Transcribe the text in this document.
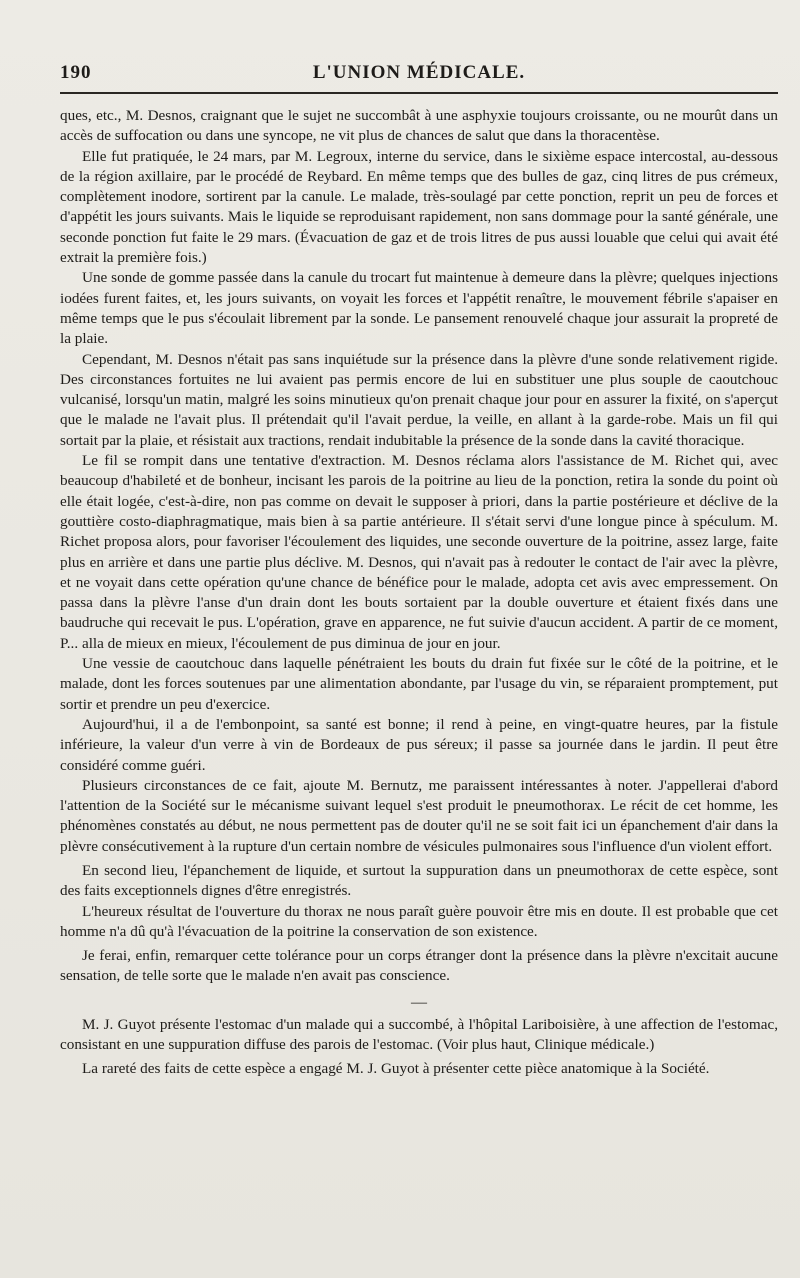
190	L'UNION MÉDICALE.

ques, etc., M. Desnos, craignant que le sujet ne succombât à une asphyxie toujours croissante, ou ne mourût dans un accès de suffocation ou dans une syncope, ne vit plus de chances de salut que dans la thoracentèse.

Elle fut pratiquée, le 24 mars, par M. Legroux, interne du service, dans le sixième espace intercostal, au-dessous de la région axillaire, par le procédé de Reybard. En même temps que des bulles de gaz, cinq litres de pus crémeux, complètement inodore, sortirent par la canule. Le malade, très-soulagé par cette ponction, reprit un peu de forces et d'appétit les jours suivants. Mais le liquide se reproduisant rapidement, non sans dommage pour la santé générale, une seconde ponction fut faite le 29 mars. (Évacuation de gaz et de trois litres de pus aussi louable que celui qui avait été extrait la première fois.)

Une sonde de gomme passée dans la canule du trocart fut maintenue à demeure dans la plèvre; quelques injections iodées furent faites, et, les jours suivants, on voyait les forces et l'appétit renaître, le mouvement fébrile s'apaiser en même temps que le pus s'écoulait librement par la sonde. Le pansement renouvelé chaque jour assurait la propreté de la plaie.

Cependant, M. Desnos n'était pas sans inquiétude sur la présence dans la plèvre d'une sonde relativement rigide. Des circonstances fortuites ne lui avaient pas permis encore de lui en substituer une plus souple de caoutchouc vulcanisé, lorsqu'un matin, malgré les soins minutieux qu'on prenait chaque jour pour en assurer la fixité, on s'aperçut que le malade ne l'avait plus. Il prétendait qu'il l'avait perdue, la veille, en allant à la garde-robe. Mais un fil qui sortait par la plaie, et résistait aux tractions, rendait indubitable la présence de la sonde dans la cavité thoracique.

Le fil se rompit dans une tentative d'extraction. M. Desnos réclama alors l'assistance de M. Richet qui, avec beaucoup d'habileté et de bonheur, incisant les parois de la poitrine au lieu de la ponction, retira la sonde du point où elle était logée, c'est-à-dire, non pas comme on devait le supposer à priori, dans la partie postérieure et déclive de la gouttière costo-diaphragmatique, mais bien à sa partie antérieure. Il s'était servi d'une longue pince à spéculum. M. Richet proposa alors, pour favoriser l'écoulement des liquides, une seconde ouverture de la poitrine, assez large, faite plus en arrière et dans une partie plus déclive. M. Desnos, qui n'avait pas à redouter le contact de l'air avec la plèvre, et ne voyait dans cette opération qu'une chance de bénéfice pour le malade, adopta cet avis avec empressement. On passa dans la plèvre l'anse d'un drain dont les bouts sortaient par la double ouverture et étaient fixés dans une baudruche qui recevait le pus. L'opération, grave en apparence, ne fut suivie d'aucun accident. A partir de ce moment, P... alla de mieux en mieux, l'écoulement de pus diminua de jour en jour.

Une vessie de caoutchouc dans laquelle pénétraient les bouts du drain fut fixée sur le côté de la poitrine, et le malade, dont les forces soutenues par une alimentation abondante, par l'usage du vin, se réparaient promptement, put sortir et prendre un peu d'exercice.

Aujourd'hui, il a de l'embonpoint, sa santé est bonne; il rend à peine, en vingt-quatre heures, par la fistule inférieure, la valeur d'un verre à vin de Bordeaux de pus séreux; il passe sa journée dans le jardin. Il peut être considéré comme guéri.

Plusieurs circonstances de ce fait, ajoute M. Bernutz, me paraissent intéressantes à noter. J'appellerai d'abord l'attention de la Société sur le mécanisme suivant lequel s'est produit le pneumothorax. Le récit de cet homme, les phénomènes constatés au début, ne nous permettent pas de douter qu'il ne se soit fait ici un épanchement d'air dans la plèvre consécutivement à la rupture d'un certain nombre de vésicules pulmonaires sous l'influence d'un violent effort.

En second lieu, l'épanchement de liquide, et surtout la suppuration dans un pneumothorax de cette espèce, sont des faits exceptionnels dignes d'être enregistrés.

L'heureux résultat de l'ouverture du thorax ne nous paraît guère pouvoir être mis en doute. Il est probable que cet homme n'a dû qu'à l'évacuation de la poitrine la conservation de son existence.

Je ferai, enfin, remarquer cette tolérance pour un corps étranger dont la présence dans la plèvre n'excitait aucune sensation, de telle sorte que le malade n'en avait pas conscience.

—

M. J. Guyot présente l'estomac d'un malade qui a succombé, à l'hôpital Lariboisière, à une affection de l'estomac, consistant en une suppuration diffuse des parois de l'estomac. (Voir plus haut, Clinique médicale.)

La rareté des faits de cette espèce a engagé M. J. Guyot à présenter cette pièce anatomique à la Société.
